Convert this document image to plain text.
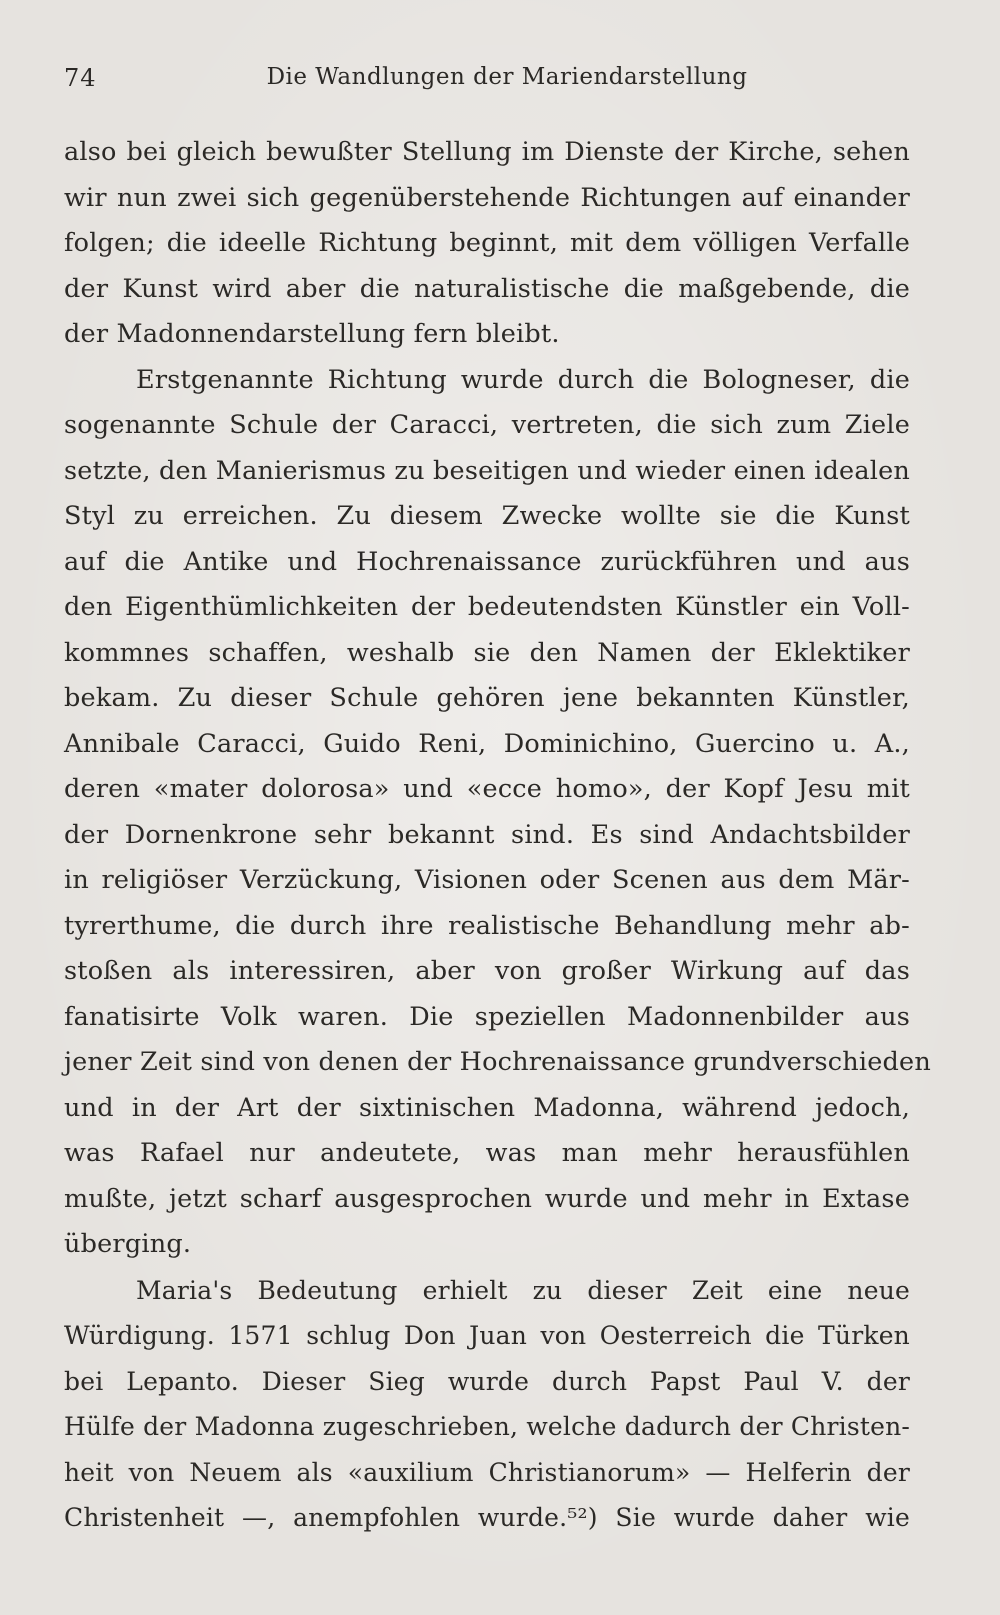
74	Die Wandlungen der Mariendarstellung
also bei gleich bewußter Stellung im Dienste der Kirche, sehen
wir nun zwei sich gegenüberstehende Richtungen auf einander
folgen; die ideelle Richtung beginnt, mit dem völligen Verfalle
der Kunst wird aber die naturalistische die maßgebende, die
der Madonnendarstellung fern bleibt.
Erstgenannte Richtung wurde durch die Bologneser, die
sogenannte Schule der Caracci, vertreten, die sich zum Ziele
setzte, den Manierismus zu beseitigen und wieder einen idealen
Styl zu erreichen. Zu diesem Zwecke wollte sie die Kunst
auf die Antike und Hochrenaissance zurückführen und aus
den Eigenthümlichkeiten der bedeutendsten Künstler ein Voll-
kommnes schaffen, weshalb sie den Namen der Eklektiker
bekam. Zu dieser Schule gehören jene bekannten Künstler,
Annibale Caracci, Guido Reni, Dominichino, Guercino u. A.,
deren «mater dolorosa» und «ecce homo», der Kopf Jesu mit
der Dornenkrone sehr bekannt sind. Es sind Andachtsbilder
in religiöser Verzückung, Visionen oder Scenen aus dem Mär-
tyrerthume, die durch ihre realistische Behandlung mehr ab-
stoßen als interessiren, aber von großer Wirkung auf das
fanatisirte Volk waren. Die speziellen Madonnenbilder aus
jener Zeit sind von denen der Hochrenaissance grundverschieden
und in der Art der sixtinischen Madonna, während jedoch,
was Rafael nur andeutete, was man mehr herausfühlen
mußte, jetzt scharf ausgesprochen wurde und mehr in Extase
überging.
Maria's Bedeutung erhielt zu dieser Zeit eine neue
Würdigung. 1571 schlug Don Juan von Oesterreich die Türken
bei Lepanto. Dieser Sieg wurde durch Papst Paul V. der
Hülfe der Madonna zugeschrieben, welche dadurch der Christen-
heit von Neuem als «auxilium Christianorum» — Helferin der
Christenheit —, anempfohlen wurde.⁵²) Sie wurde daher wie
